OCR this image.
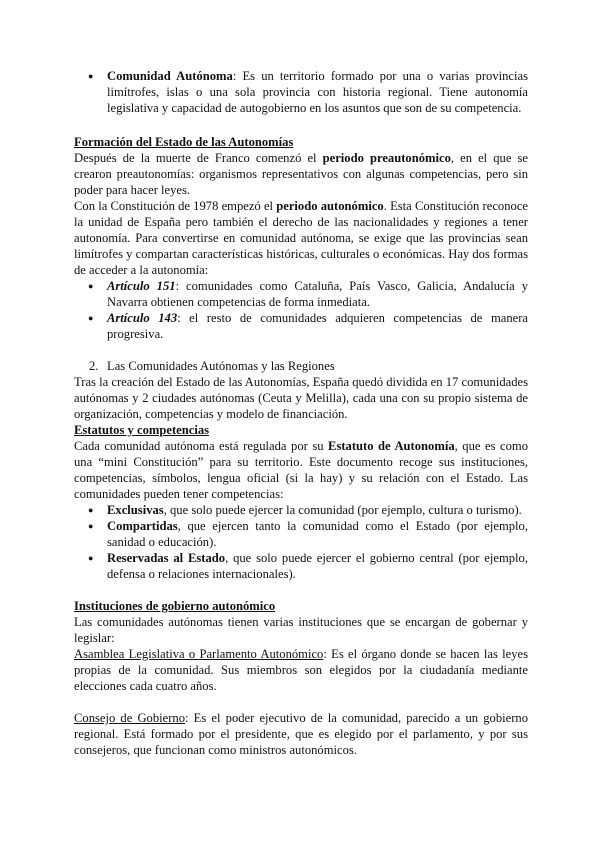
● Comunidad Autónoma: Es un territorio formado por una o varias provincias limítrofes, islas o una sola provincia con historia regional. Tiene autonomía legislativa y capacidad de autogobierno en los asuntos que son de su competencia.

Formación del Estado de las Autonomías

Después de la muerte de Franco comenzó el periodo preautonómico, en el que se crearon preautonomías: organismos representativos con algunas competencias, pero sin poder para hacer leyes.

Con la Constitución de 1978 empezó el periodo autonómico. Esta Constitución reconoce la unidad de España pero también el derecho de las nacionalidades y regiones a tener autonomía. Para convertirse en comunidad autónoma, se exige que las provincias sean limítrofes y compartan características históricas, culturales o económicas. Hay dos formas de acceder a la autonomía:

● Artículo 151: comunidades como Cataluña, País Vasco, Galicia, Andalucía y Navarra obtienen competencias de forma inmediata.
● Artículo 143: el resto de comunidades adquieren competencias de manera progresiva.

2. Las Comunidades Autónomas y las Regiones

Tras la creación del Estado de las Autonomías, España quedó dividida en 17 comunidades autónomas y 2 ciudades autónomas (Ceuta y Melilla), cada una con su propio sistema de organización, competencias y modelo de financiación.

Estatutos y competencias

Cada comunidad autónoma está regulada por su Estatuto de Autonomía, que es como una “mini Constitución” para su territorio. Este documento recoge sus instituciones, competencias, símbolos, lengua oficial (si la hay) y su relación con el Estado. Las comunidades pueden tener competencias:

● Exclusivas, que solo puede ejercer la comunidad (por ejemplo, cultura o turismo).
● Compartidas, que ejercen tanto la comunidad como el Estado (por ejemplo, sanidad o educación).
● Reservadas al Estado, que solo puede ejercer el gobierno central (por ejemplo, defensa o relaciones internacionales).

Instituciones de gobierno autonómico

Las comunidades autónomas tienen varias instituciones que se encargan de gobernar y legislar:

Asamblea Legislativa o Parlamento Autonómico: Es el órgano donde se hacen las leyes propias de la comunidad. Sus miembros son elegidos por la ciudadanía mediante elecciones cada cuatro años.

Consejo de Gobierno: Es el poder ejecutivo de la comunidad, parecido a un gobierno regional. Está formado por el presidente, que es elegido por el parlamento, y por sus consejeros, que funcionan como ministros autonómicos.
